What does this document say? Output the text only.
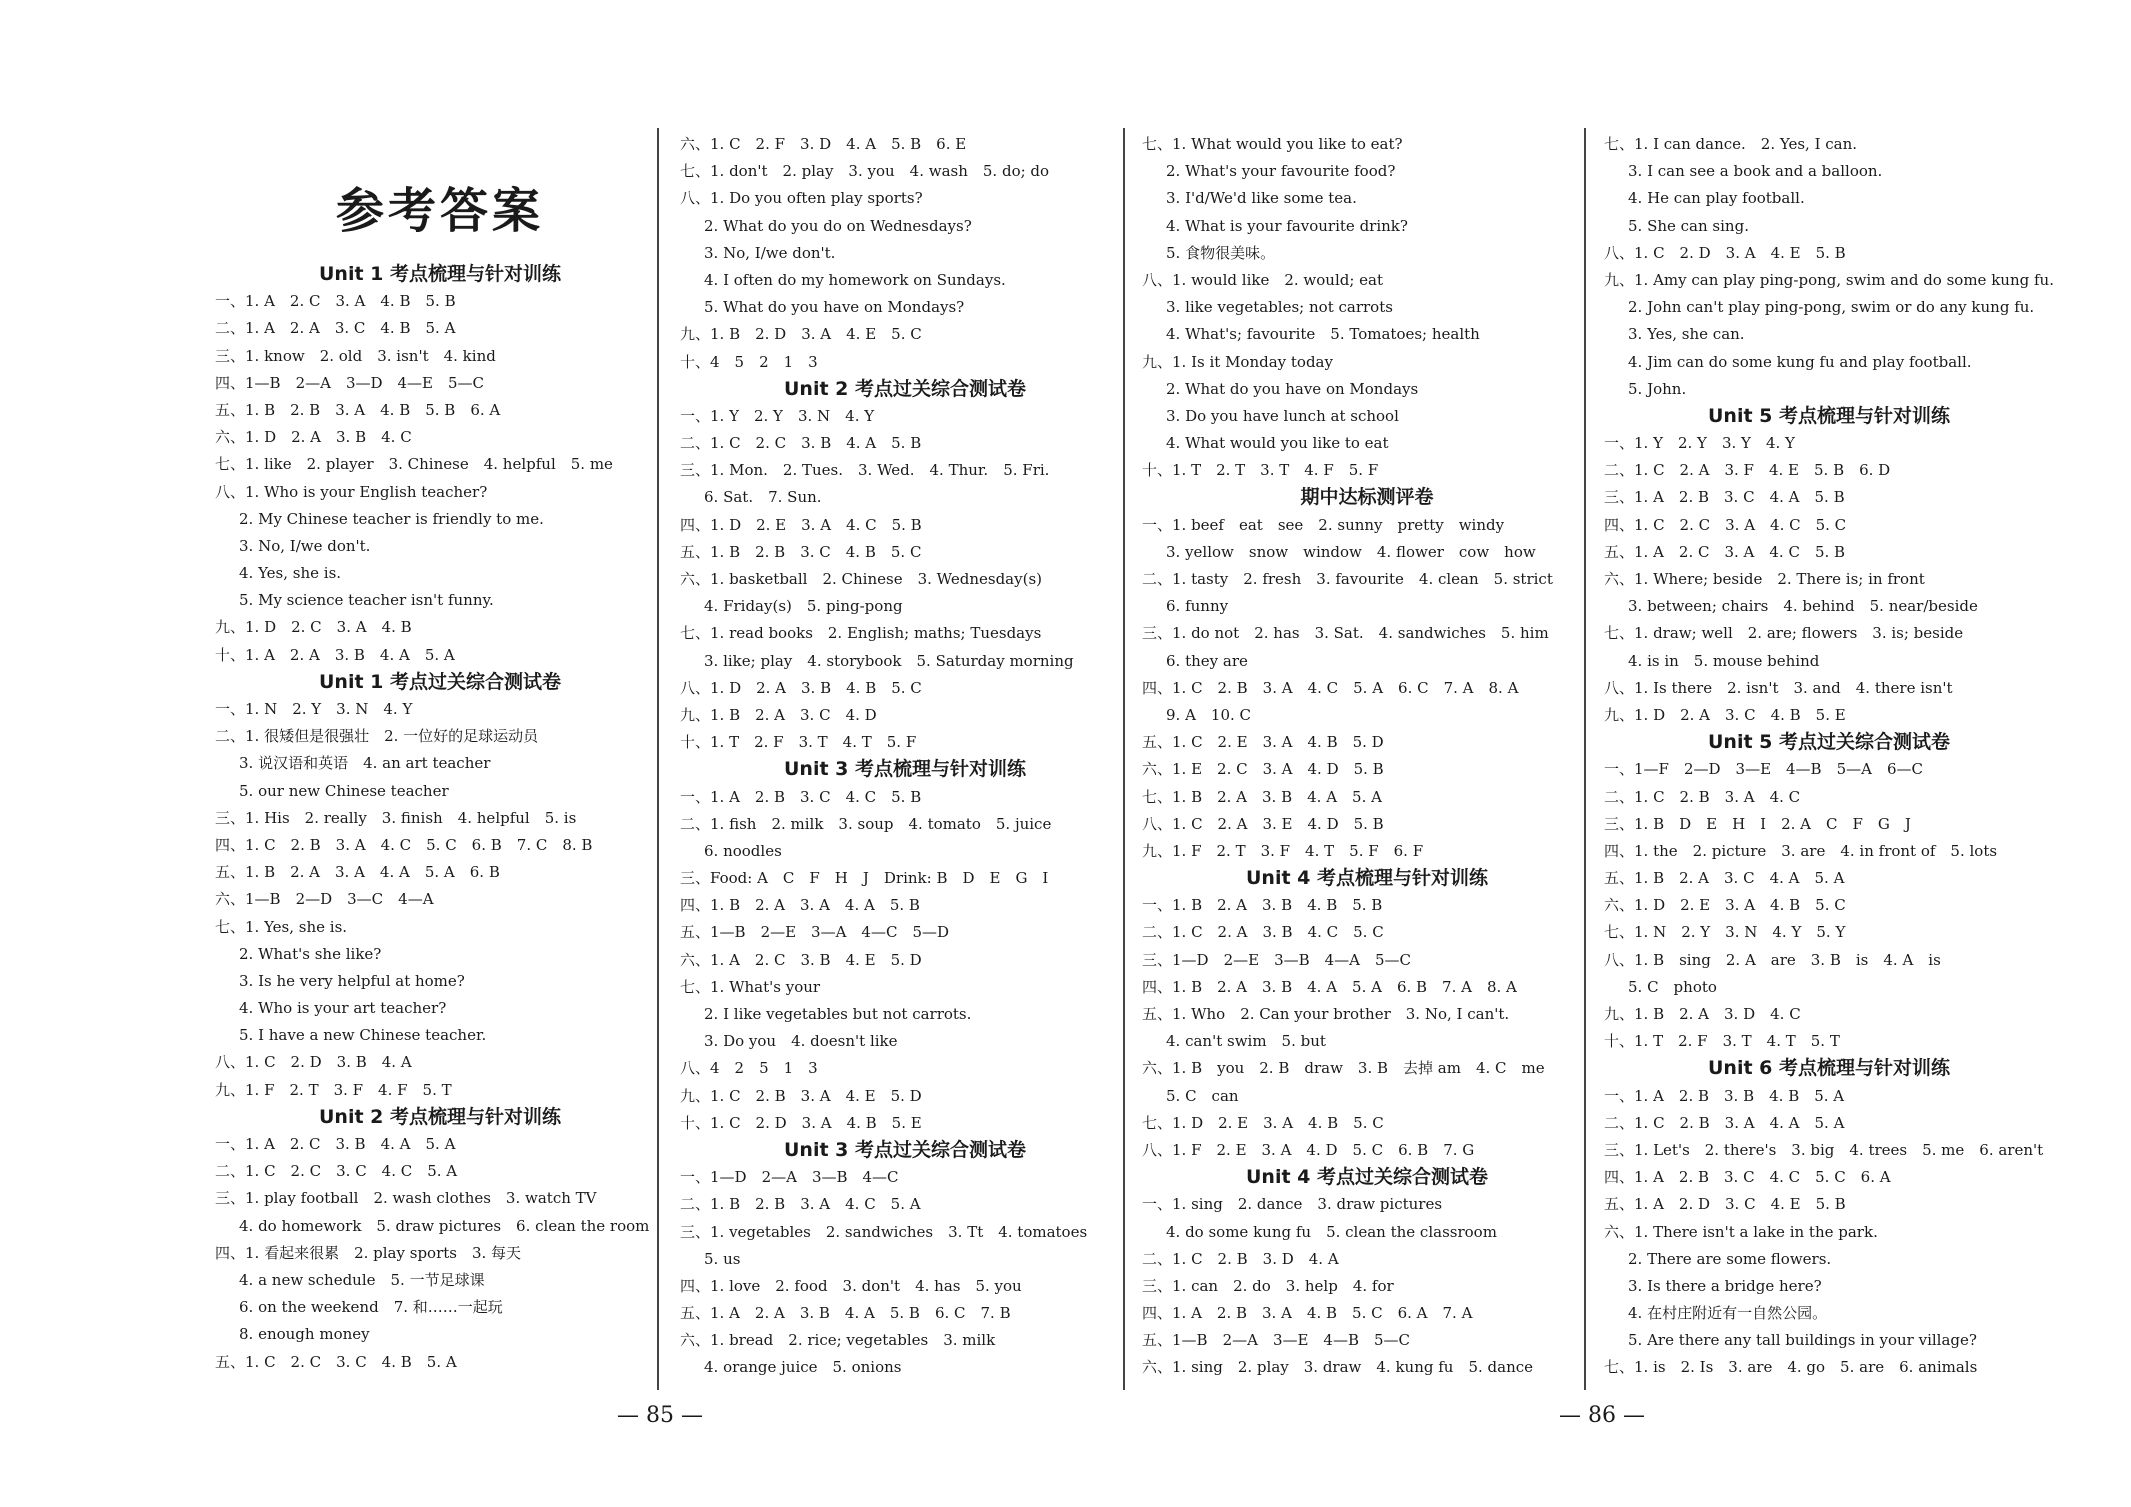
参考答案
Unit 1 考点梳理与针对训练
一、1. A　2. C　3. A　4. B　5. B
二、1. A　2. A　3. C　4. B　5. A
三、1. know　2. old　3. isn't　4. kind
四、1—B　2—A　3—D　4—E　5—C
五、1. B　2. B　3. A　4. B　5. B　6. A
六、1. D　2. A　3. B　4. C
七、1. like　2. player　3. Chinese　4. helpful　5. me
八、1. Who is your English teacher?
2. My Chinese teacher is friendly to me.
3. No, I/we don't.
4. Yes, she is.
5. My science teacher isn't funny.
九、1. D　2. C　3. A　4. B
十、1. A　2. A　3. B　4. A　5. A
Unit 1 考点过关综合测试卷
一、1. N　2. Y　3. N　4. Y
二、1. 很矮但是很强壮　2. 一位好的足球运动员
3. 说汉语和英语　4. an art teacher
5. our new Chinese teacher
三、1. His　2. really　3. finish　4. helpful　5. is
四、1. C　2. B　3. A　4. C　5. C　6. B　7. C　8. B
五、1. B　2. A　3. A　4. A　5. A　6. B
六、1—B　2—D　3—C　4—A
七、1. Yes, she is.
2. What's she like?
3. Is he very helpful at home?
4. Who is your art teacher?
5. I have a new Chinese teacher.
八、1. C　2. D　3. B　4. A
九、1. F　2. T　3. F　4. F　5. T
Unit 2 考点梳理与针对训练
一、1. A　2. C　3. B　4. A　5. A
二、1. C　2. C　3. C　4. C　5. A
三、1. play football　2. wash clothes　3. watch TV
4. do homework　5. draw pictures　6. clean the room
四、1. 看起来很累　2. play sports　3. 每天
4. a new schedule　5. 一节足球课
6. on the weekend　7. 和……一起玩
8. enough money
五、1. C　2. C　3. C　4. B　5. A
六、1. C　2. F　3. D　4. A　5. B　6. E
七、1. don't　2. play　3. you　4. wash　5. do; do
八、1. Do you often play sports?
2. What do you do on Wednesdays?
3. No, I/we don't.
4. I often do my homework on Sundays.
5. What do you have on Mondays?
九、1. B　2. D　3. A　4. E　5. C
十、4　5　2　1　3
Unit 2 考点过关综合测试卷
一、1. Y　2. Y　3. N　4. Y
二、1. C　2. C　3. B　4. A　5. B
三、1. Mon.　2. Tues.　3. Wed.　4. Thur.　5. Fri.
6. Sat.　7. Sun.
四、1. D　2. E　3. A　4. C　5. B
五、1. B　2. B　3. C　4. B　5. C
六、1. basketball　2. Chinese　3. Wednesday(s)
4. Friday(s)　5. ping-pong
七、1. read books　2. English; maths; Tuesdays
3. like; play　4. storybook　5. Saturday morning
八、1. D　2. A　3. B　4. B　5. C
九、1. B　2. A　3. C　4. D
十、1. T　2. F　3. T　4. T　5. F
Unit 3 考点梳理与针对训练
一、1. A　2. B　3. C　4. C　5. B
二、1. fish　2. milk　3. soup　4. tomato　5. juice
6. noodles
三、Food: A　C　F　H　J　Drink: B　D　E　G　I
四、1. B　2. A　3. A　4. A　5. B
五、1—B　2—E　3—A　4—C　5—D
六、1. A　2. C　3. B　4. E　5. D
七、1. What's your
2. I like vegetables but not carrots.
3. Do you　4. doesn't like
八、4　2　5　1　3
九、1. C　2. B　3. A　4. E　5. D
十、1. C　2. D　3. A　4. B　5. E
Unit 3 考点过关综合测试卷
一、1—D　2—A　3—B　4—C
二、1. B　2. B　3. A　4. C　5. A
三、1. vegetables　2. sandwiches　3. Tt　4. tomatoes
5. us
四、1. love　2. food　3. don't　4. has　5. you
五、1. A　2. A　3. B　4. A　5. B　6. C　7. B
六、1. bread　2. rice; vegetables　3. milk
4. orange juice　5. onions
七、1. What would you like to eat?
2. What's your favourite food?
3. I'd/We'd like some tea.
4. What is your favourite drink?
5. 食物很美味。
八、1. would like　2. would; eat
3. like vegetables; not carrots
4. What's; favourite　5. Tomatoes; health
九、1. Is it Monday today
2. What do you have on Mondays
3. Do you have lunch at school
4. What would you like to eat
十、1. T　2. T　3. T　4. F　5. F
期中达标测评卷
一、1. beef　eat　see　2. sunny　pretty　windy
3. yellow　snow　window　4. flower　cow　how
二、1. tasty　2. fresh　3. favourite　4. clean　5. strict
6. funny
三、1. do not　2. has　3. Sat.　4. sandwiches　5. him
6. they are
四、1. C　2. B　3. A　4. C　5. A　6. C　7. A　8. A
9. A　10. C
五、1. C　2. E　3. A　4. B　5. D
六、1. E　2. C　3. A　4. D　5. B
七、1. B　2. A　3. B　4. A　5. A
八、1. C　2. A　3. E　4. D　5. B
九、1. F　2. T　3. F　4. T　5. F　6. F
Unit 4 考点梳理与针对训练
一、1. B　2. A　3. B　4. B　5. B
二、1. C　2. A　3. B　4. C　5. C
三、1—D　2—E　3—B　4—A　5—C
四、1. B　2. A　3. B　4. A　5. A　6. B　7. A　8. A
五、1. Who　2. Can your brother　3. No, I can't.
4. can't swim　5. but
六、1. B　you　2. B　draw　3. B　去掉 am　4. C　me
5. C　can
七、1. D　2. E　3. A　4. B　5. C
八、1. F　2. E　3. A　4. D　5. C　6. B　7. G
Unit 4 考点过关综合测试卷
一、1. sing　2. dance　3. draw pictures
4. do some kung fu　5. clean the classroom
二、1. C　2. B　3. D　4. A
三、1. can　2. do　3. help　4. for
四、1. A　2. B　3. A　4. B　5. C　6. A　7. A
五、1—B　2—A　3—E　4—B　5—C
六、1. sing　2. play　3. draw　4. kung fu　5. dance
七、1. I can dance.　2. Yes, I can.
3. I can see a book and a balloon.
4. He can play football.
5. She can sing.
八、1. C　2. D　3. A　4. E　5. B
九、1. Amy can play ping-pong, swim and do some kung fu.
2. John can't play ping-pong, swim or do any kung fu.
3. Yes, she can.
4. Jim can do some kung fu and play football.
5. John.
Unit 5 考点梳理与针对训练
一、1. Y　2. Y　3. Y　4. Y
二、1. C　2. A　3. F　4. E　5. B　6. D
三、1. A　2. B　3. C　4. A　5. B
四、1. C　2. C　3. A　4. C　5. C
五、1. A　2. C　3. A　4. C　5. B
六、1. Where; beside　2. There is; in front
3. between; chairs　4. behind　5. near/beside
七、1. draw; well　2. are; flowers　3. is; beside
4. is in　5. mouse behind
八、1. Is there　2. isn't　3. and　4. there isn't
九、1. D　2. A　3. C　4. B　5. E
Unit 5 考点过关综合测试卷
一、1—F　2—D　3—E　4—B　5—A　6—C
二、1. C　2. B　3. A　4. C
三、1. B　D　E　H　I　2. A　C　F　G　J
四、1. the　2. picture　3. are　4. in front of　5. lots
五、1. B　2. A　3. C　4. A　5. A
六、1. D　2. E　3. A　4. B　5. C
七、1. N　2. Y　3. N　4. Y　5. Y
八、1. B　sing　2. A　are　3. B　is　4. A　is
5. C　photo
九、1. B　2. A　3. D　4. C
十、1. T　2. F　3. T　4. T　5. T
Unit 6 考点梳理与针对训练
一、1. A　2. B　3. B　4. B　5. A
二、1. C　2. B　3. A　4. A　5. A
三、1. Let's　2. there's　3. big　4. trees　5. me　6. aren't
四、1. A　2. B　3. C　4. C　5. C　6. A
五、1. A　2. D　3. C　4. E　5. B
六、1. There isn't a lake in the park.
2. There are some flowers.
3. Is there a bridge here?
4. 在村庄附近有一自然公园。
5. Are there any tall buildings in your village?
七、1. is　2. Is　3. are　4. go　5. are　6. animals
— 85 —	— 86 —
